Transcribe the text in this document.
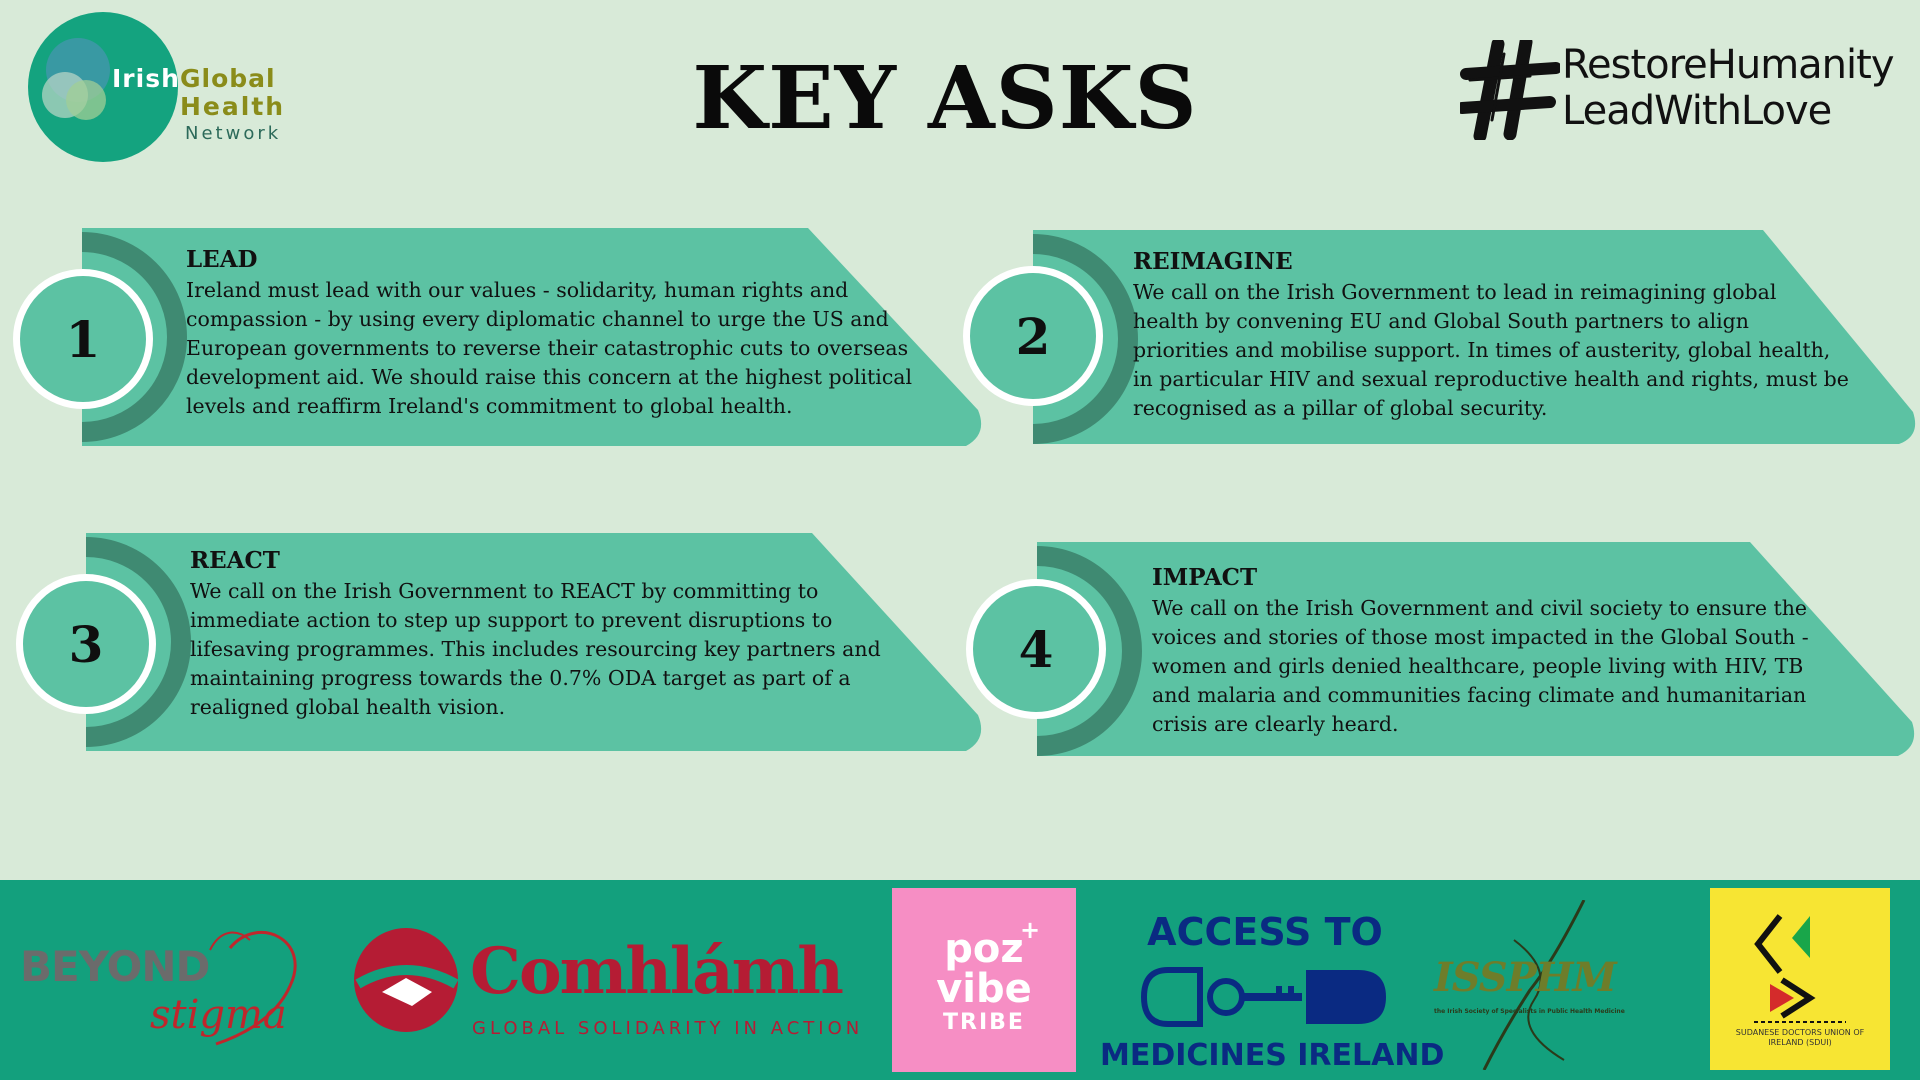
Irish Global
Health
Network	KEY ASKS	RestoreHumanity
LeadWithLove
1
LEAD
Ireland must lead with our values - solidarity, human rights and
compassion - by using every diplomatic channel to urge the US and
European governments to reverse their catastrophic cuts to overseas
development aid. We should raise this concern at the highest political
levels and reaffirm Ireland's commitment to global health.
2
REIMAGINE
We call on the Irish Government to lead in reimagining global
health by convening EU and Global South partners to align
priorities and mobilise support. In times of austerity, global health,
in particular HIV and sexual reproductive health and rights, must be
recognised as a pillar of global security.
3
REACT
We call on the Irish Government to REACT by committing to
immediate action to step up support to prevent disruptions to
lifesaving programmes. This includes resourcing key partners and
maintaining progress towards the 0.7% ODA target as part of a
realigned global health vision.
4
IMPACT
We call on the Irish Government and civil society to ensure the
voices and stories of those most impacted in the Global South -
women and girls denied healthcare, people living with HIV, TB
and malaria and communities facing climate and humanitarian
crisis are clearly heard.
BEYOND
stigma
Comhlámh
GLOBAL SOLIDARITY IN ACTION
+
poz
vibe
TRIBE
ACCESS TO
MEDICINES IRELAND
ISSPHM
the Irish Society of Specialists in Public Health Medicine
SUDANESE DOCTORS UNION OF IRELAND (SDUI)
